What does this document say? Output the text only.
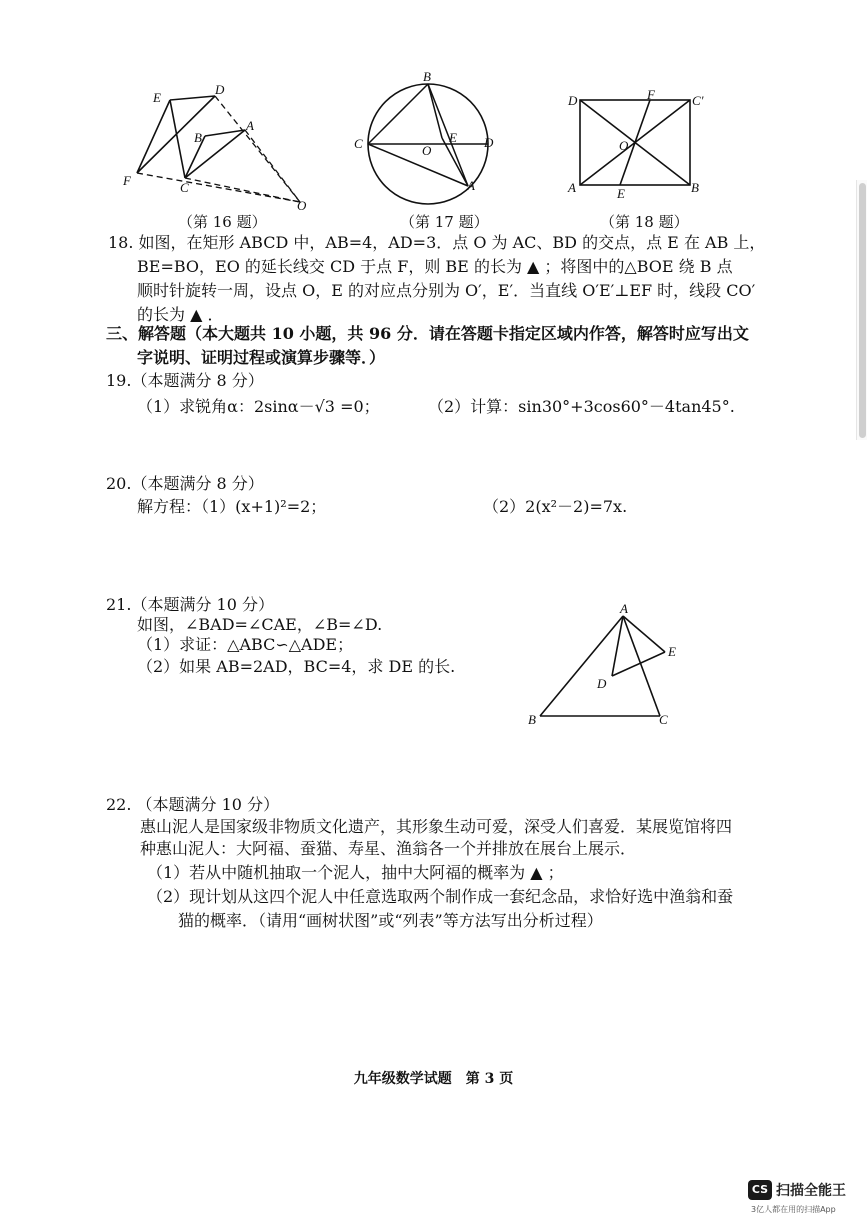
E
D
B
A
F	C
O
（第 16 题）
B
C	O
E D
A
（第 17 题）
D	F	C'
O
A	E	B
（第 18 题）
18. 如图，在矩形 ABCD 中，AB=4，AD=3．点 O 为 AC、BD 的交点，点 E 在 AB 上，
BE=BO，EO 的延长线交 CD 于点 F，则 BE 的长为 ▲ ；将图中的△BOE 绕 B 点
顺时针旋转一周，设点 O，E 的对应点分别为 O′，E′．当直线 O′E′⊥EF 时，线段 CO′
的长为 ▲ ．
三、解答题（本大题共 10 小题，共 96 分．请在答题卡指定区域内作答，解答时应写出文
字说明、证明过程或演算步骤等．）
19.（本题满分 8 分）
（1）求锐角α：2sinα－√3 =0；	（2）计算：sin30°+3cos60°－4tan45°.
20.（本题满分 8 分）
解方程：（1）(x+1)²=2；	（2）2(x²－2)=7x.
21.（本题满分 10 分）
如图，∠BAD=∠CAE，∠B=∠D.
（1）求证：△ABC∽△ADE；
（2）如果 AB=2AD，BC=4，求 DE 的长.
A
E
D
B	C
22. （本题满分 10 分）
惠山泥人是国家级非物质文化遗产，其形象生动可爱，深受人们喜爱．某展览馆将四
种惠山泥人：大阿福、蚕猫、寿星、渔翁各一个并排放在展台上展示．
（1）若从中随机抽取一个泥人，抽中大阿福的概率为 ▲ ；
（2）现计划从这四个泥人中任意选取两个制作成一套纪念品，求恰好选中渔翁和蚕
猫的概率．（请用“画树状图”或“列表”等方法写出分析过程）
九年级数学试题　第 3 页
CS 扫描全能王
3亿人都在用的扫描App
